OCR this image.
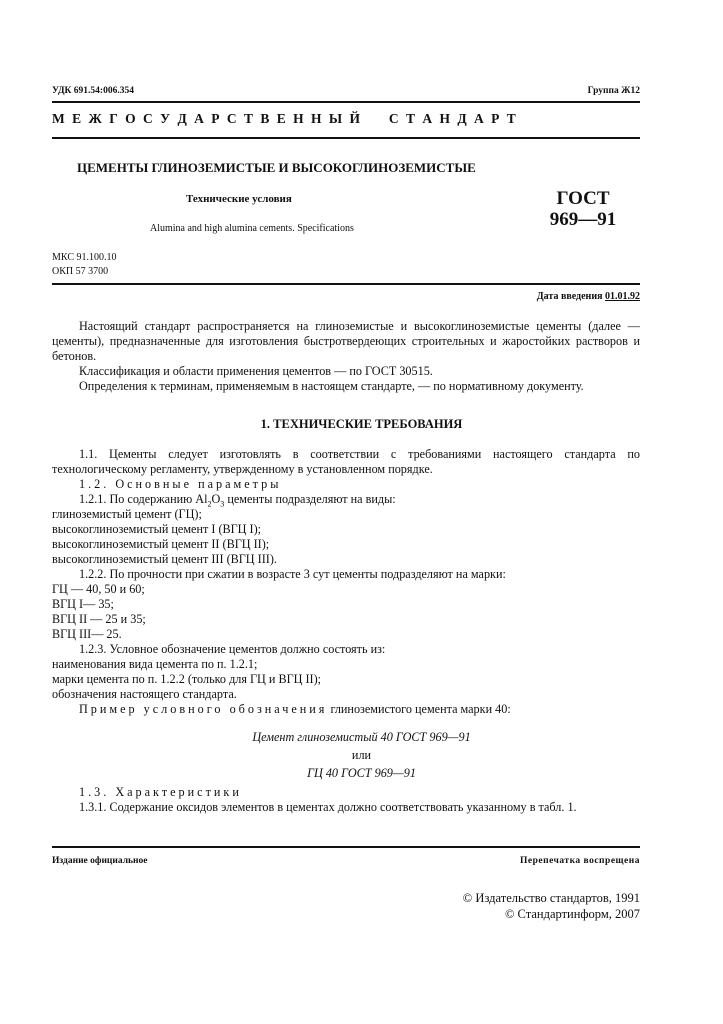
УДК 691.54:006.354	Группа Ж12
М Е Ж Г О С У Д А Р С Т В Е Н Н Ы Й     С Т А Н Д А Р Т
ЦЕМЕНТЫ ГЛИНОЗЕМИСТЫЕ И ВЫСОКОГЛИНОЗЕМИСТЫЕ
Технические условия
Alumina and high alumina cements. Specifications
ГОСТ
969—91
МКС 91.100.10
ОКП 57 3700
Дата введения 01.01.92
Настоящий стандарт распространяется на глиноземистые и высокоглиноземистые цементы (далее — цементы), предназначенные для изготовления быстротвердеющих строительных и жаростойких растворов и бетонов.
Классификация и области применения цементов — по ГОСТ 30515.
Определения к терминам, применяемым в настоящем стандарте, — по нормативному документу.
1. ТЕХНИЧЕСКИЕ ТРЕБОВАНИЯ
1.1. Цементы следует изготовлять в соответствии с требованиями настоящего стандарта по технологическому регламенту, утвержденному в установленном порядке.
1.2. Основные параметры
1.2.1. По содержанию $Al_2O_3$ цементы подразделяют на виды:
глиноземистый цемент (ГЦ);
высокоглиноземистый цемент I (ВГЦ I);
высокоглиноземистый цемент II (ВГЦ II);
высокоглиноземистый цемент III (ВГЦ III).
1.2.2. По прочности при сжатии в возрасте 3 сут цементы подразделяют на марки:
ГЦ — 40, 50 и 60;
ВГЦ I— 35;
ВГЦ II — 25 и 35;
ВГЦ III— 25.
1.2.3. Условное обозначение цементов должно состоять из:
наименования вида цемента по п. 1.2.1;
марки цемента по п. 1.2.2 (только для ГЦ и ВГЦ II);
обозначения настоящего стандарта.
Пример условного обозначения глиноземистого цемента марки 40:
Цемент глиноземистый 40 ГОСТ 969—91
или
ГЦ 40 ГОСТ 969—91
1.3. Характеристики
1.3.1. Содержание оксидов элементов в цементах должно соответствовать указанному в табл. 1.
Издание официальное	Перепечатка воспрещена
© Издательство стандартов, 1991
© Стандартинформ, 2007
